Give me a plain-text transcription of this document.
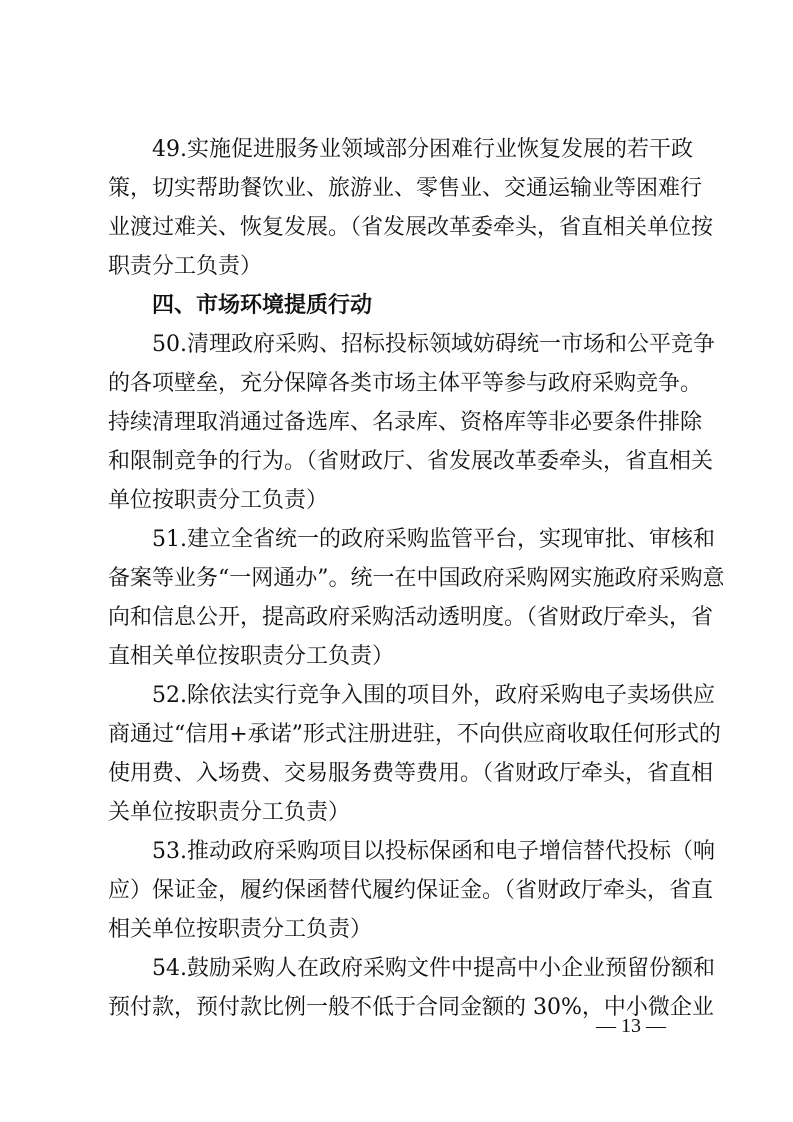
49.实施促进服务业领域部分困难行业恢复发展的若干政
策，切实帮助餐饮业、旅游业、零售业、交通运输业等困难行
业渡过难关、恢复发展。（省发展改革委牵头，省直相关单位按
职责分工负责）
四、市场环境提质行动
50.清理政府采购、招标投标领域妨碍统一市场和公平竞争
的各项壁垒，充分保障各类市场主体平等参与政府采购竞争。
持续清理取消通过备选库、名录库、资格库等非必要条件排除
和限制竞争的行为。（省财政厅、省发展改革委牵头，省直相关
单位按职责分工负责）
51.建立全省统一的政府采购监管平台，实现审批、审核和
备案等业务“一网通办”。统一在中国政府采购网实施政府采购意
向和信息公开，提高政府采购活动透明度。（省财政厅牵头，省
直相关单位按职责分工负责）
52.除依法实行竞争入围的项目外，政府采购电子卖场供应
商通过“信用+承诺”形式注册进驻，不向供应商收取任何形式的
使用费、入场费、交易服务费等费用。（省财政厅牵头，省直相
关单位按职责分工负责）
53.推动政府采购项目以投标保函和电子增信替代投标（响
应）保证金，履约保函替代履约保证金。（省财政厅牵头，省直
相关单位按职责分工负责）
54.鼓励采购人在政府采购文件中提高中小企业预留份额和
预付款，预付款比例一般不低于合同金额的 30%，中小微企业
— 13 —
